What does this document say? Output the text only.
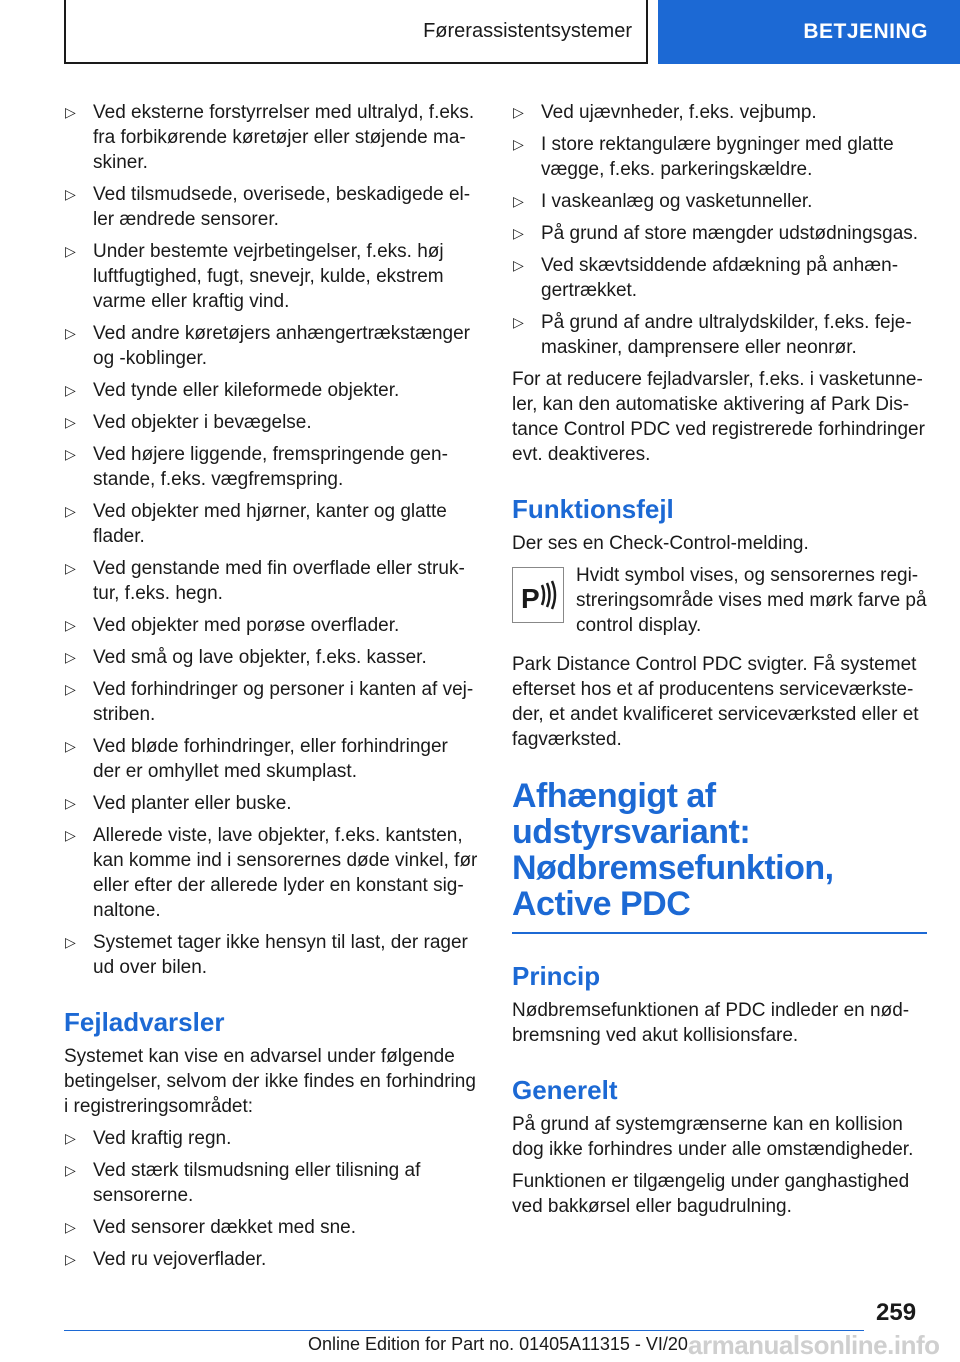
Førerassistentsystemer	BETJENING
▷ Ved eksterne forstyrrelser med ultralyd, f.eks. fra forbikørende køretøjer eller støjende ma‐ skiner.
▷ Ved tilsmudsede, overisede, beskadigede el‐ ler ændrede sensorer.
▷ Under bestemte vejrbetingelser, f.eks. høj luftfugtighed, fugt, snevejr, kulde, ekstrem varme eller kraftig vind.
▷ Ved andre køretøjers anhængertrækstænger og -koblinger.
▷ Ved tynde eller kileformede objekter.
▷ Ved objekter i bevægelse.
▷ Ved højere liggende, fremspringende gen‐ stande, f.eks. vægfremspring.
▷ Ved objekter med hjørner, kanter og glatte flader.
▷ Ved genstande med fin overflade eller struk‐ tur, f.eks. hegn.
▷ Ved objekter med porøse overflader.
▷ Ved små og lave objekter, f.eks. kasser.
▷ Ved forhindringer og personer i kanten af vej‐ striben.
▷ Ved bløde forhindringer, eller forhindringer der er omhyllet med skumplast.
▷ Ved planter eller buske.
▷ Allerede viste, lave objekter, f.eks. kantsten, kan komme ind i sensorernes døde vinkel, før eller efter der allerede lyder en konstant sig‐ naltone.
▷ Systemet tager ikke hensyn til last, der rager ud over bilen.
Fejladvarsler

Systemet kan vise en advarsel under følgende betingelser, selvom der ikke findes en forhindring i registreringsområdet:

▷ Ved kraftig regn.
▷ Ved stærk tilsmudsning eller tilisning af sensorerne.
▷ Ved sensorer dækket med sne.
▷ Ved ru vejoverflader.
▷ Ved ujævnheder, f.eks. vejbump.
▷ I store rektangulære bygninger med glatte vægge, f.eks. parkeringskældre.
▷ I vaskeanlæg og vasketunneller.
▷ På grund af store mængder udstødningsgas.
▷ Ved skævtsiddende afdækning på anhæn‐ gertrækket.
▷ På grund af andre ultralydskilder, f.eks. feje‐ maskiner, damprensere eller neonrør.

For at reducere fejladvarsler, f.eks. i vasketunne‐ ler, kan den automatiske aktivering af Park Dis‐ tance Control PDC ved registrerede forhindringer evt. deaktiveres.

Funktionsfejl

Der ses en Check-Control-melding.

P
Hvidt symbol vises, og sensorernes regi‐ streringsområde vises med mørk farve på control display.

Park Distance Control PDC svigter. Få systemet efterset hos et af producentens serviceværkste‐ der, et andet kvalificeret serviceværksted eller et fagværksted.

Afhængigt af udstyrsvariant: Nødbremsefunktion, Active PDC
Princip

Nødbremsefunktionen af PDC indleder en nød‐ bremsning ved akut kollisionsfare.

Generelt

På grund af systemgrænserne kan en kollision dog ikke forhindres under alle omstændigheder.

Funktionen er tilgængelig under ganghastighed ved bakkørsel eller bagudrulning.

259
Online Edition for Part no. 01405A11315 - VI/20 armanualsonline.info
